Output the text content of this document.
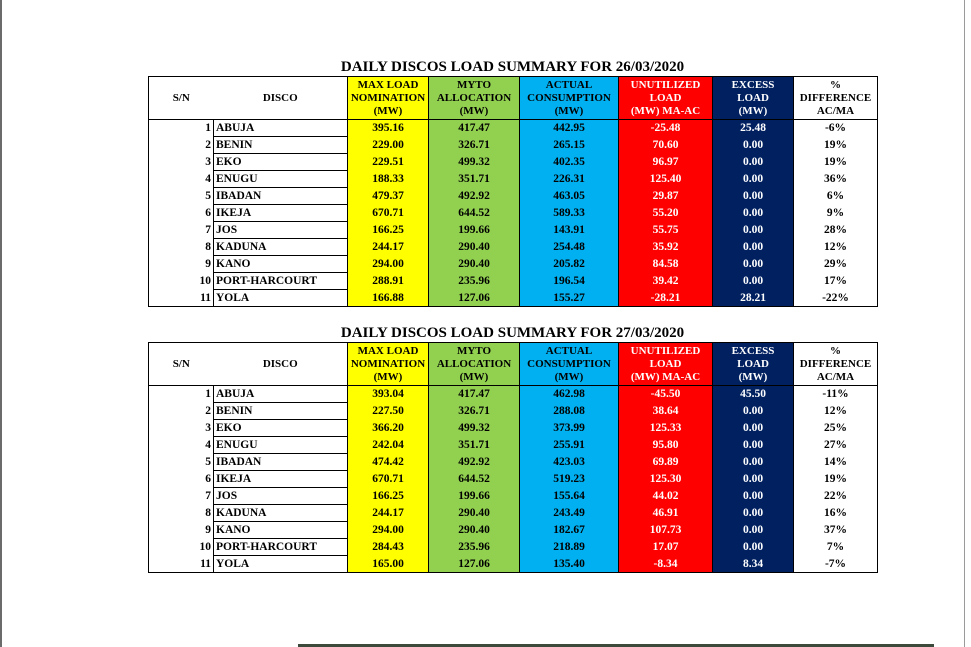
DAILY DISCOS LOAD SUMMARY FOR 26/03/2020
S/N	DISCO	MAX LOAD
NOMINATION
(MW)	MYTO
ALLOCATION
(MW)	ACTUAL
CONSUMPTION
(MW)	UNUTILIZED
LOAD
(MW) MA-AC	EXCESS
LOAD
(MW)	%
DIFFERENCE
AC/MA

1	ABUJA	395.16	417.47	442.95	-25.48	25.48	-6%
2	BENIN	229.00	326.71	265.15	70.60	0.00	19%
3	EKO	229.51	499.32	402.35	96.97	0.00	19%
4	ENUGU	188.33	351.71	226.31	125.40	0.00	36%
5	IBADAN	479.37	492.92	463.05	29.87	0.00	6%
6	IKEJA	670.71	644.52	589.33	55.20	0.00	9%
7	JOS	166.25	199.66	143.91	55.75	0.00	28%
8	KADUNA	244.17	290.40	254.48	35.92	0.00	12%
9	KANO	294.00	290.40	205.82	84.58	0.00	29%
10	PORT-HARCOURT	288.91	235.96	196.54	39.42	0.00	17%
11	YOLA	166.88	127.06	155.27	-28.21	28.21	-22%
DAILY DISCOS LOAD SUMMARY FOR 27/03/2020
S/N	DISCO	MAX LOAD
NOMINATION
(MW)	MYTO
ALLOCATION
(MW)	ACTUAL
CONSUMPTION
(MW)	UNUTILIZED
LOAD
(MW) MA-AC	EXCESS
LOAD
(MW)	%
DIFFERENCE
AC/MA

1	ABUJA	393.04	417.47	462.98	-45.50	45.50	-11%
2	BENIN	227.50	326.71	288.08	38.64	0.00	12%
3	EKO	366.20	499.32	373.99	125.33	0.00	25%
4	ENUGU	242.04	351.71	255.91	95.80	0.00	27%
5	IBADAN	474.42	492.92	423.03	69.89	0.00	14%
6	IKEJA	670.71	644.52	519.23	125.30	0.00	19%
7	JOS	166.25	199.66	155.64	44.02	0.00	22%
8	KADUNA	244.17	290.40	243.49	46.91	0.00	16%
9	KANO	294.00	290.40	182.67	107.73	0.00	37%
10	PORT-HARCOURT	284.43	235.96	218.89	17.07	0.00	7%
11	YOLA	165.00	127.06	135.40	-8.34	8.34	-7%
